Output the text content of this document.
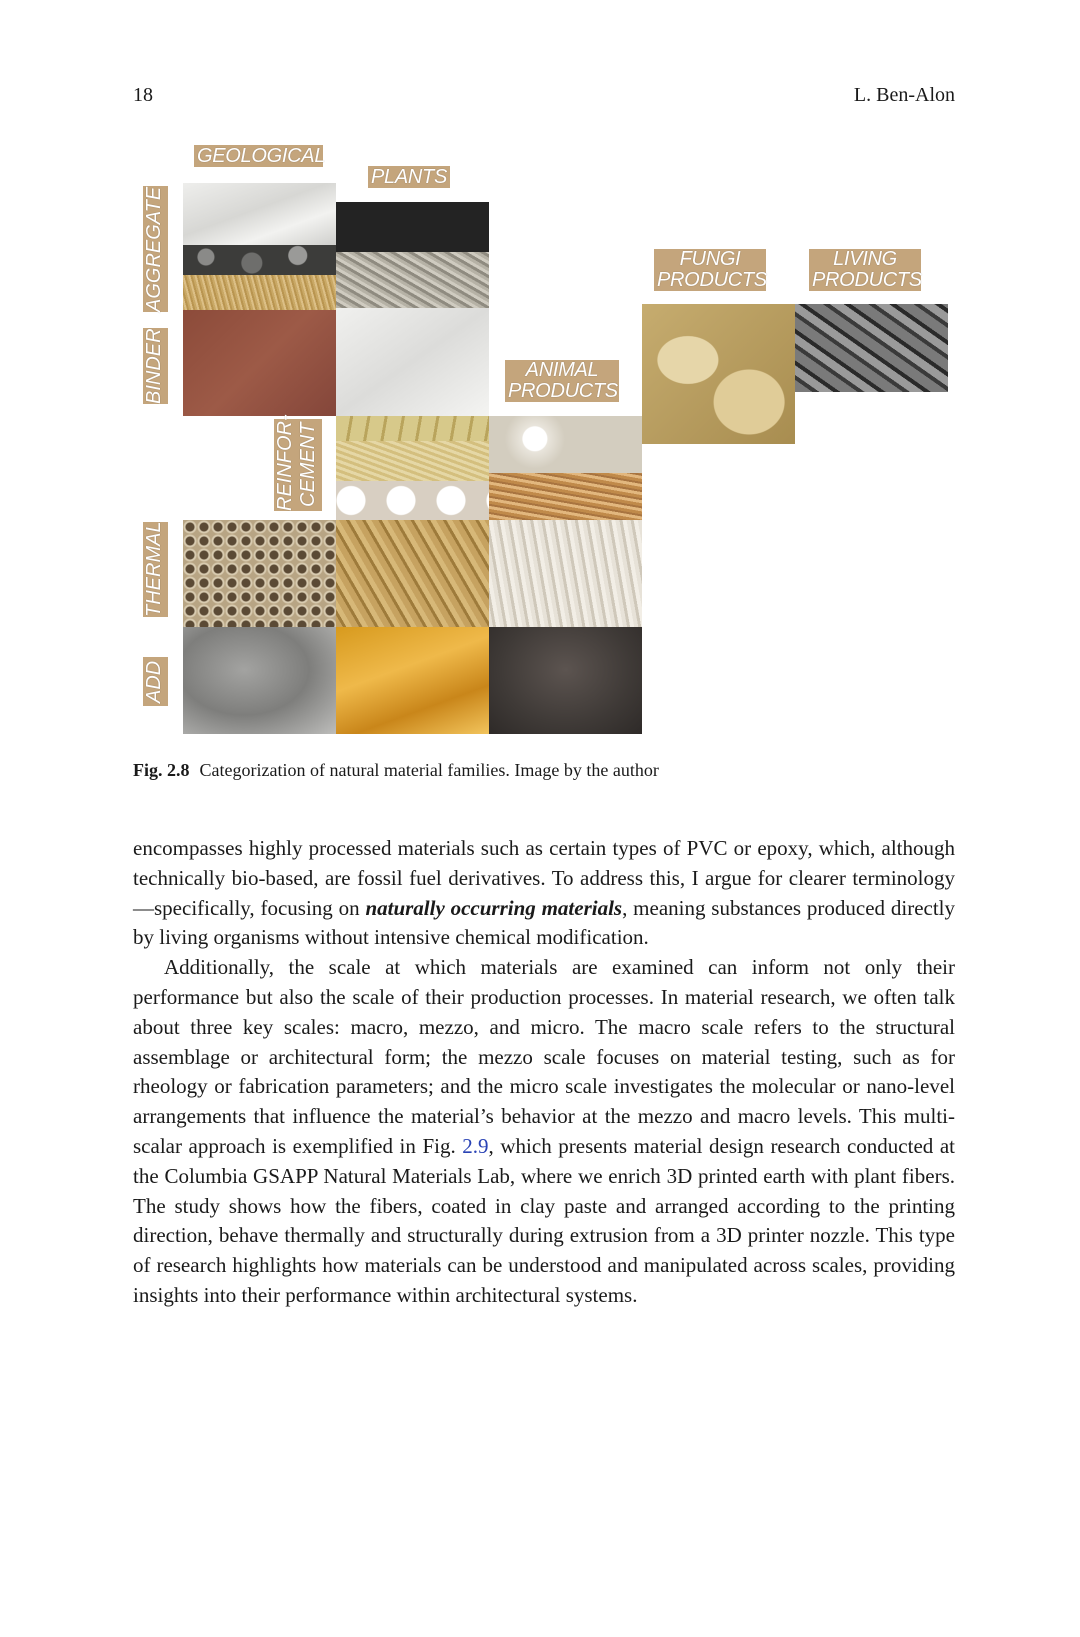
18	L. Ben-Alon
GEOLOGICAL
PLANTS
ANIMAL
PRODUCTS
FUNGI
PRODUCTS
LIVING
PRODUCTS
AGGREGATE
BINDER
REINFOR-
CEMENT
THERMAL
ADD
Fig. 2.8 Categorization of natural material families. Image by the author

encompasses highly processed materials such as certain types of PVC or epoxy, which, although technically bio-based, are fossil fuel derivatives. To address this, I argue for clearer terminology—specifically, focusing on naturally occurring materials, meaning substances produced directly by living organisms without intensive chemical modification.

Additionally, the scale at which materials are examined can inform not only their performance but also the scale of their production processes. In material research, we often talk about three key scales: macro, mezzo, and micro. The macro scale refers to the structural assemblage or architectural form; the mezzo scale focuses on material testing, such as for rheology or fabrication parameters; and the micro scale investigates the molecular or nano-level arrangements that influence the material’s behavior at the mezzo and macro levels. This multi-scalar approach is exemplified in Fig. 2.9, which presents material design research conducted at the Columbia GSAPP Natural Materials Lab, where we enrich 3D printed earth with plant fibers. The study shows how the fibers, coated in clay paste and arranged according to the printing direction, behave thermally and structurally during extrusion from a 3D printer nozzle. This type of research highlights how materials can be understood and manipulated across scales, providing insights into their performance within architectural systems.
